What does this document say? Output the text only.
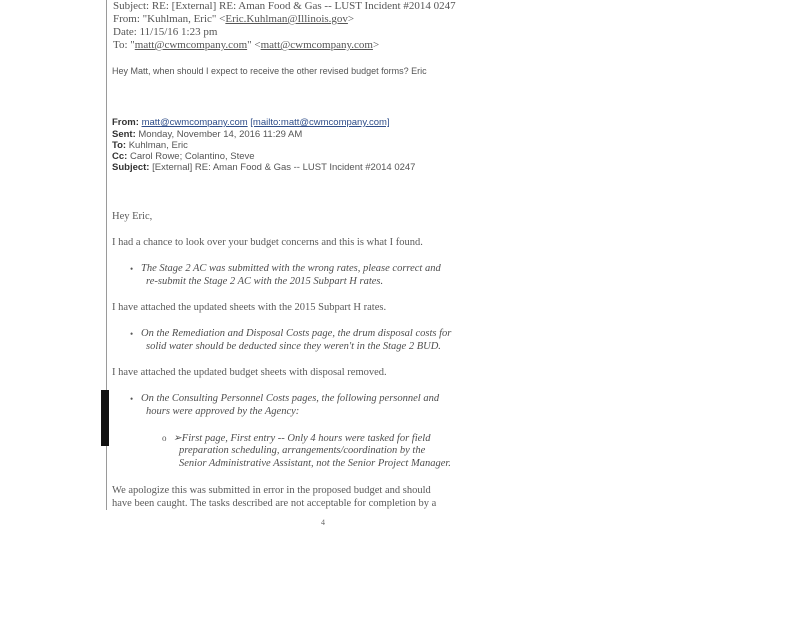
Subject: RE: [External] RE: Aman Food & Gas -- LUST Incident #2014 0247
From: "Kuhlman, Eric" <Eric.Kuhlman@Illinois.gov>
Date: 11/15/16 1:23 pm
To: "matt@cwmcompany.com" <matt@cwmcompany.com>
Hey Matt, when should I expect to receive the other revised budget forms? Eric
From: matt@cwmcompany.com [mailto:matt@cwmcompany.com]
Sent: Monday, November 14, 2016 11:29 AM
To: Kuhlman, Eric
Cc: Carol Rowe; Colantino, Steve
Subject: [External] RE: Aman Food & Gas -- LUST Incident #2014 0247
Hey Eric,
I had a chance to look over your budget concerns and this is what I found.
• The Stage 2 AC was submitted with the wrong rates, please correct and
re-submit the Stage 2 AC with the 2015 Subpart H rates.
I have attached the updated sheets with the 2015 Subpart H rates.
• On the Remediation and Disposal Costs page, the drum disposal costs for
solid water should be deducted since they weren't in the Stage 2 BUD.
I have attached the updated budget sheets with disposal removed.
• On the Consulting Personnel Costs pages, the following personnel and
hours were approved by the Agency:
o ➢First page, First entry -- Only 4 hours were tasked for field
preparation scheduling, arrangements/coordination by the
Senior Administrative Assistant, not the Senior Project Manager.
We apologize this was submitted in error in the proposed budget and should
have been caught. The tasks described are not acceptable for completion by a
4
